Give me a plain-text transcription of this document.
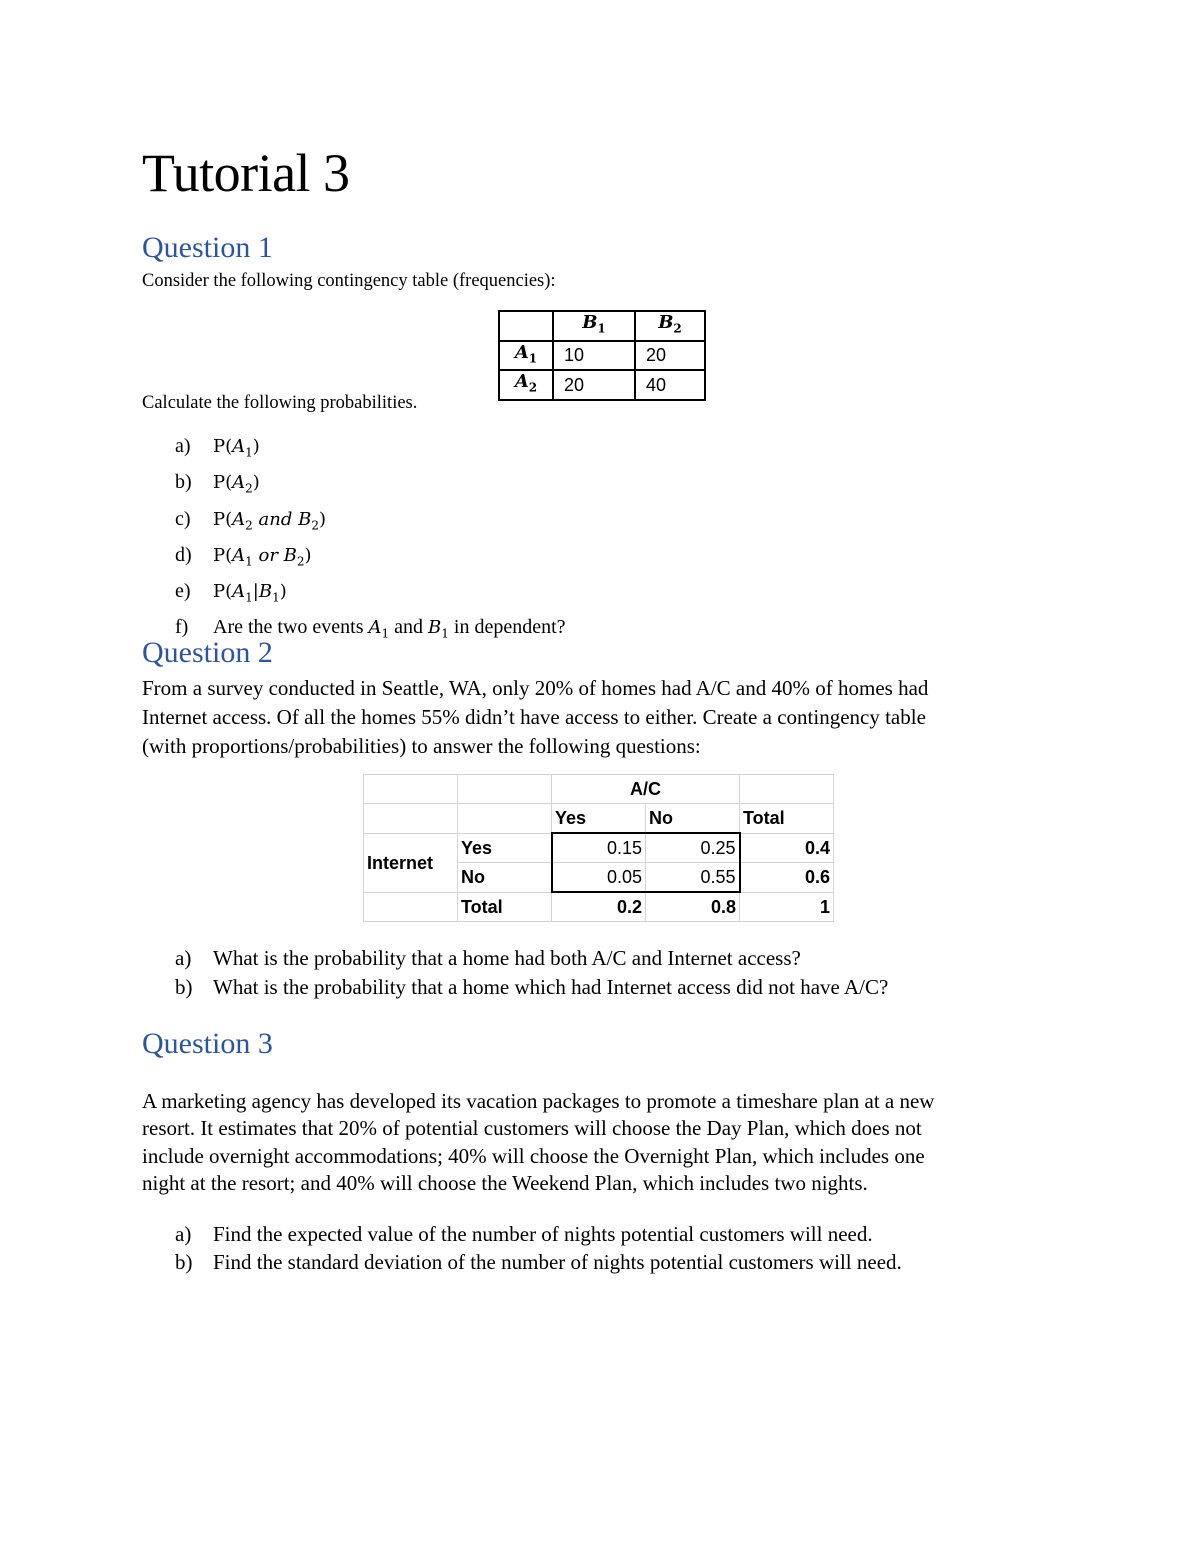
Tutorial 3
Question 1
Consider the following contingency table (frequencies):
	$B_1$	$B_2$
$A_1$	10	20
$A_2$	20	40
Calculate the following probabilities.
a)	$P(A_1)$
b)	$P(A_2)$
c)	$P(A_2$ and $B_2$)
d)	$P(A_1$ or $B_2$)
e)	$P(A_1|B_1)$
f)	Are the two events $A_1$ and $B_1$ in dependent?
Question 2
From a survey conducted in Seattle, WA, only 20% of homes had A/C and 40% of homes had
Internet access. Of all the homes 55% didn’t have access to either. Create a contingency table
(with proportions/probabilities) to answer the following questions:
		A/C		
		Yes	No	Total
Internet	Yes	0.15	0.25	0.4
	No	0.05	0.55	0.6
	Total	0.2	0.8	1
a)	What is the probability that a home had both A/C and Internet access?
b) What is the probability that a home which had Internet access did not have A/C?
Question 3
A marketing agency has developed its vacation packages to promote a timeshare plan at a new
resort. It estimates that 20% of potential customers will choose the Day Plan, which does not
include overnight accommodations; 40% will choose the Overnight Plan, which includes one
night at the resort; and 40% will choose the Weekend Plan, which includes two nights.
a)	Find the expected value of the number of nights potential customers will need.
b) Find the standard deviation of the number of nights potential customers will need.
